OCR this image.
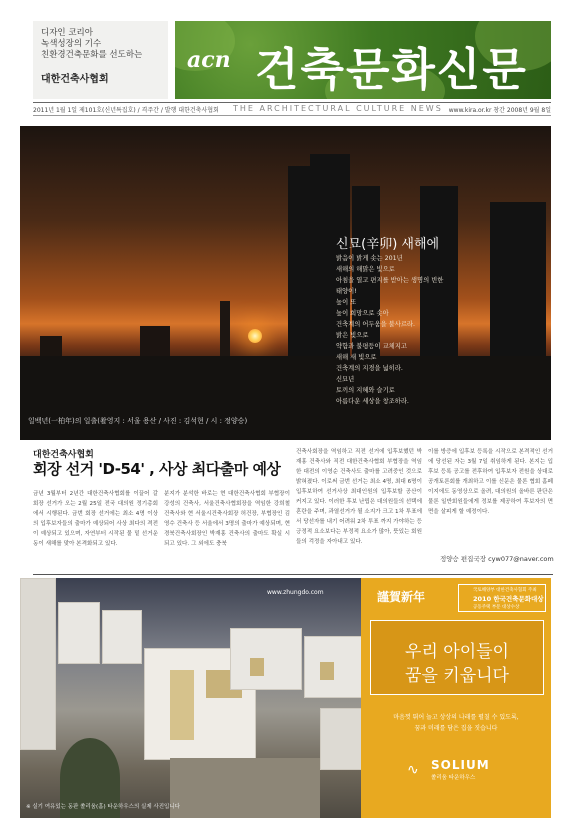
디자인 코리아
녹색성장의 기수
친환경건축문화를 선도하는
대한건축사협회
acn 건축문화신문
2011년 1월 1일 제101호(신년특집호) / 격주간 / 발행 대한건축사협회 THE ARCHITECTURAL CULTURE NEWS www.kira.or.kr 창간 2008년 9월 8일
신묘(辛卯) 새해에
밝음이 밝게 솟는 201년
새해의 해맑은 빛으로
아침을 열고 편지를 받아는 생명의 빈한
태양이!
높이 또
높이 희망으로 솟아
건축계의 어두움을 불사르라.
밝은 빛으로
약함과 불평등이 교체지고
새해 새 빛으로
건축계의 지경을 넓히라.
신묘년
토끼의 지혜와 슬기로
아름다운 세상을 창조하라.
일백년(一柏年)의 일출(촬영지 : 서울 용산 / 사진 : 김석현 / 시 : 정양승)
대한건축사협회
회장 선거 'D-54' , 사상 최다출마 예상
금년 3월부터 2년간 대한건축사협회를 이끌어 갈 회장 선거가 오는 2월 25일 전국 대의원 정기총회에서 시행된다. 금번 회장 선거에는 최소 4명 이상의 입후보자들의 출마가 예상되어 사상 최다의 격전이 예상되고 있으며, 자연부터 시작된 물 밑 선거운동이 새해를 맞아 본격화되고 있다.
분지가 분석한 바로는 현 대한건축사협회 부협장이 강성의 건축사, 서울건축사협회장을 역임한 강희철 건축사와 현 서울시건축사회장 허건장, 부협장인 김영수 건축사 등 서울에서 3명의 출마가 예상되며, 현 경북건축사회장인 박재홍 건축사의 출마도 확실 시 되고 있다. 그 외에도 충북
건축사회장을 역임하고 직전 선거에 입후보했던 박재홍 건축사와 직전 대한건축사협회 부협장을 역임한 대전의 이영순 건축사도 출마를 고려중인 것으로 밝혀졌다. 이로써 금번 선거는 최소 4명, 최대 6명이 입후보하여 선거사상 최대인원의 입후보할 공산이 커지고 있다. 이러한 후보 난립은 대의원들의 선택에 혼란을 주며, 과열선거가 될 소지가 크고 1차 투표에서 당선자를 내기 어려워 2차 투표 까지 가야하는 등 긍정적 요소보다는 부정적 요소가 많아, 뜻있는 회원들의 걱정을 자아내고 있다.
이를 방증에 입후보 등록을 시작으로 본격적인 선거에 당선된 자는 3월 7일 취임하게 된다. 본지는 입후보 등록 공고를 전후하여 입후보자 전원을 상대로 공개토론회를 개최하고 이를 신문은 물론 협회 홈페이지에도 동영상으로 올려, 대의원의 올바른 판단은 물론 일반회원들에게 정보를 제공하여 후보자의 면면을 살피게 할 예정이다.
정양승 편집국장 cyw077@naver.com
www.zhungdo.com
※ 실기 여유있는 동판 쏠리움(홈) 타운하우스의 실제 사진입니다
謹賀新年	국토해양부 대한건축사협회 주최
2010 한국건축문화대상
공동주택 부문 대상수상
우리 아이들이
꿈을 키웁니다
마음껏 뛰어 놀고 상상의 나래를 펼칠 수 있도록,
꿈과 미래를 담은 집을 짓습니다
∿ SOLIUM
쏠리움 타운하우스
